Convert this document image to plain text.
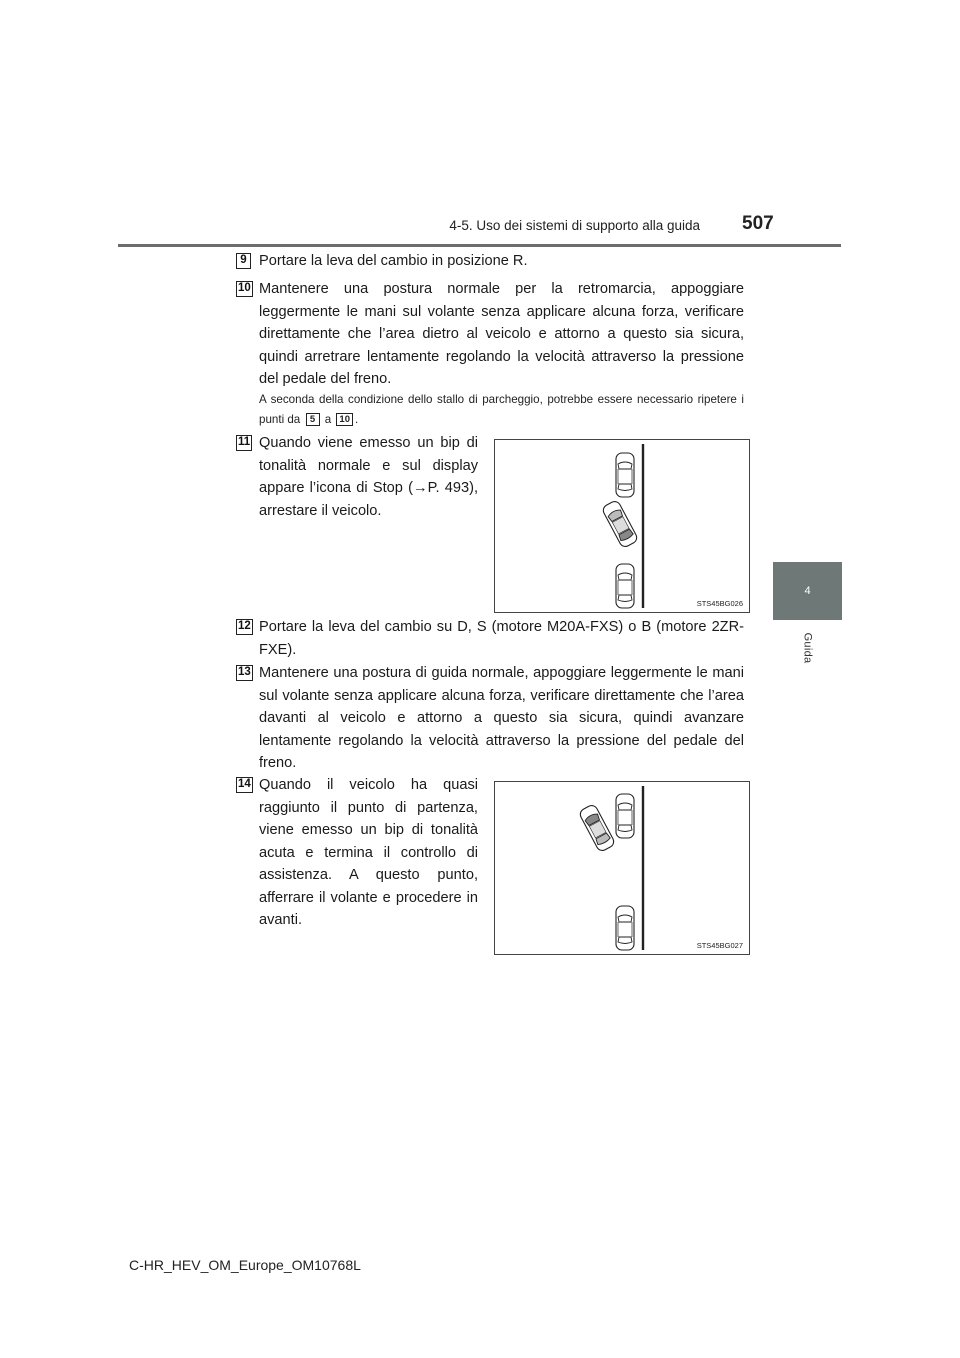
4-5. Uso dei sistemi di supporto alla guida 507
4
Guida
9 Portare la leva del cambio in posizione R.
10 Mantenere una postura normale per la retromarcia, appoggiare leggermente le mani sul volante senza applicare alcuna forza, verificare direttamente che l’area dietro al veicolo e attorno a questo sia sicura, quindi arretrare lentamente regolando la velocità attraverso la pressione del pedale del freno.
A seconda della condizione dello stallo di parcheggio, potrebbe essere necessario ripetere i punti da 5 a 10 .
11 Quando viene emesso un bip di tonalità normale e sul display appare l’icona di Stop (→P. 493), arrestare il veicolo.
STS45BG026
12 Portare la leva del cambio su D, S (motore M20A-FXS) o B (motore 2ZR-FXE).
13 Mantenere una postura di guida normale, appoggiare leggermente le mani sul volante senza applicare alcuna forza, verificare direttamente che l’area davanti al veicolo e attorno a questo sia sicura, quindi avanzare lentamente regolando la velocità attraverso la pressione del pedale del freno.
14 Quando il veicolo ha quasi raggiunto il punto di partenza, viene emesso un bip di tonalità acuta e termina il controllo di assistenza. A questo punto, afferrare il volante e procedere in avanti.
STS45BG027
C-HR_HEV_OM_Europe_OM10768L
